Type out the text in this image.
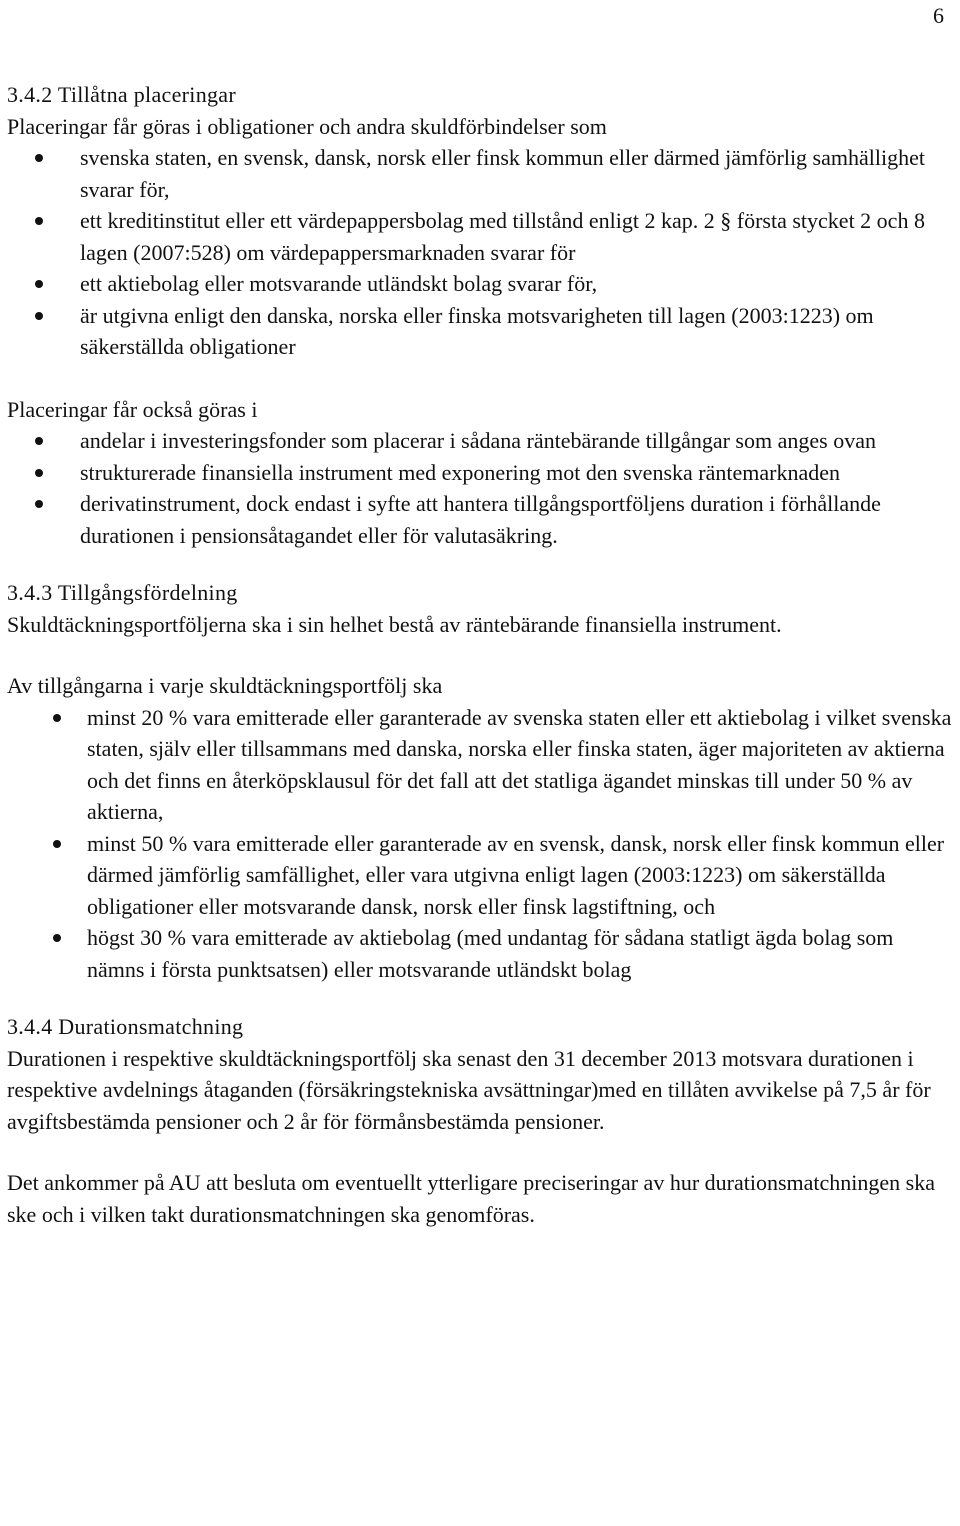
6

3.4.2 Tillåtna placeringar

Placeringar får göras i obligationer och andra skuldförbindelser som

svenska staten, en svensk, dansk, norsk eller finsk kommun eller därmed jämförlig samhällighet svarar för,
ett kreditinstitut eller ett värdepappersbolag med tillstånd enligt 2 kap. 2 § första stycket 2 och 8 lagen (2007:528) om värdepappersmarknaden svarar för
ett aktiebolag eller motsvarande utländskt bolag svarar för,
är utgivna enligt den danska, norska eller finska motsvarigheten till lagen (2003:1223) om säkerställda obligationer

Placeringar får också göras i

andelar i investeringsfonder som placerar i sådana räntebärande tillgångar som anges ovan
strukturerade finansiella instrument med exponering mot den svenska räntemarknaden
derivatinstrument, dock endast i syfte att hantera tillgångsportföljens duration i förhållande durationen i pensionsåtagandet eller för valutasäkring.

3.4.3 Tillgångsfördelning

Skuldtäckningsportföljerna ska i sin helhet bestå av räntebärande finansiella instrument.

Av tillgångarna i varje skuldtäckningsportfölj ska

minst 20 % vara emitterade eller garanterade av svenska staten eller ett aktiebolag i vilket svenska staten, själv eller tillsammans med danska, norska eller finska staten, äger majoriteten av aktierna och det finns en återköpsklausul för det fall att det statliga ägandet minskas till under 50 % av aktierna,
minst 50 % vara emitterade eller garanterade av en svensk, dansk, norsk eller finsk kommun eller därmed jämförlig samfällighet, eller vara utgivna enligt lagen (2003:1223) om säkerställda obligationer eller motsvarande dansk, norsk eller finsk lagstiftning, och
högst 30 % vara emitterade av aktiebolag (med undantag för sådana statligt ägda bolag som nämns i första punktsatsen) eller motsvarande utländskt bolag

3.4.4 Durationsmatchning

Durationen i respektive skuldtäckningsportfölj ska senast den 31 december 2013 motsvara durationen i respektive avdelnings åtaganden (försäkringstekniska avsättningar)med en tillåten avvikelse på 7,5 år för avgiftsbestämda pensioner och 2 år för förmånsbestämda pensioner.

Det ankommer på AU att besluta om eventuellt ytterligare preciseringar av hur durationsmatchningen ska ske och i vilken takt durationsmatchningen ska genomföras.
